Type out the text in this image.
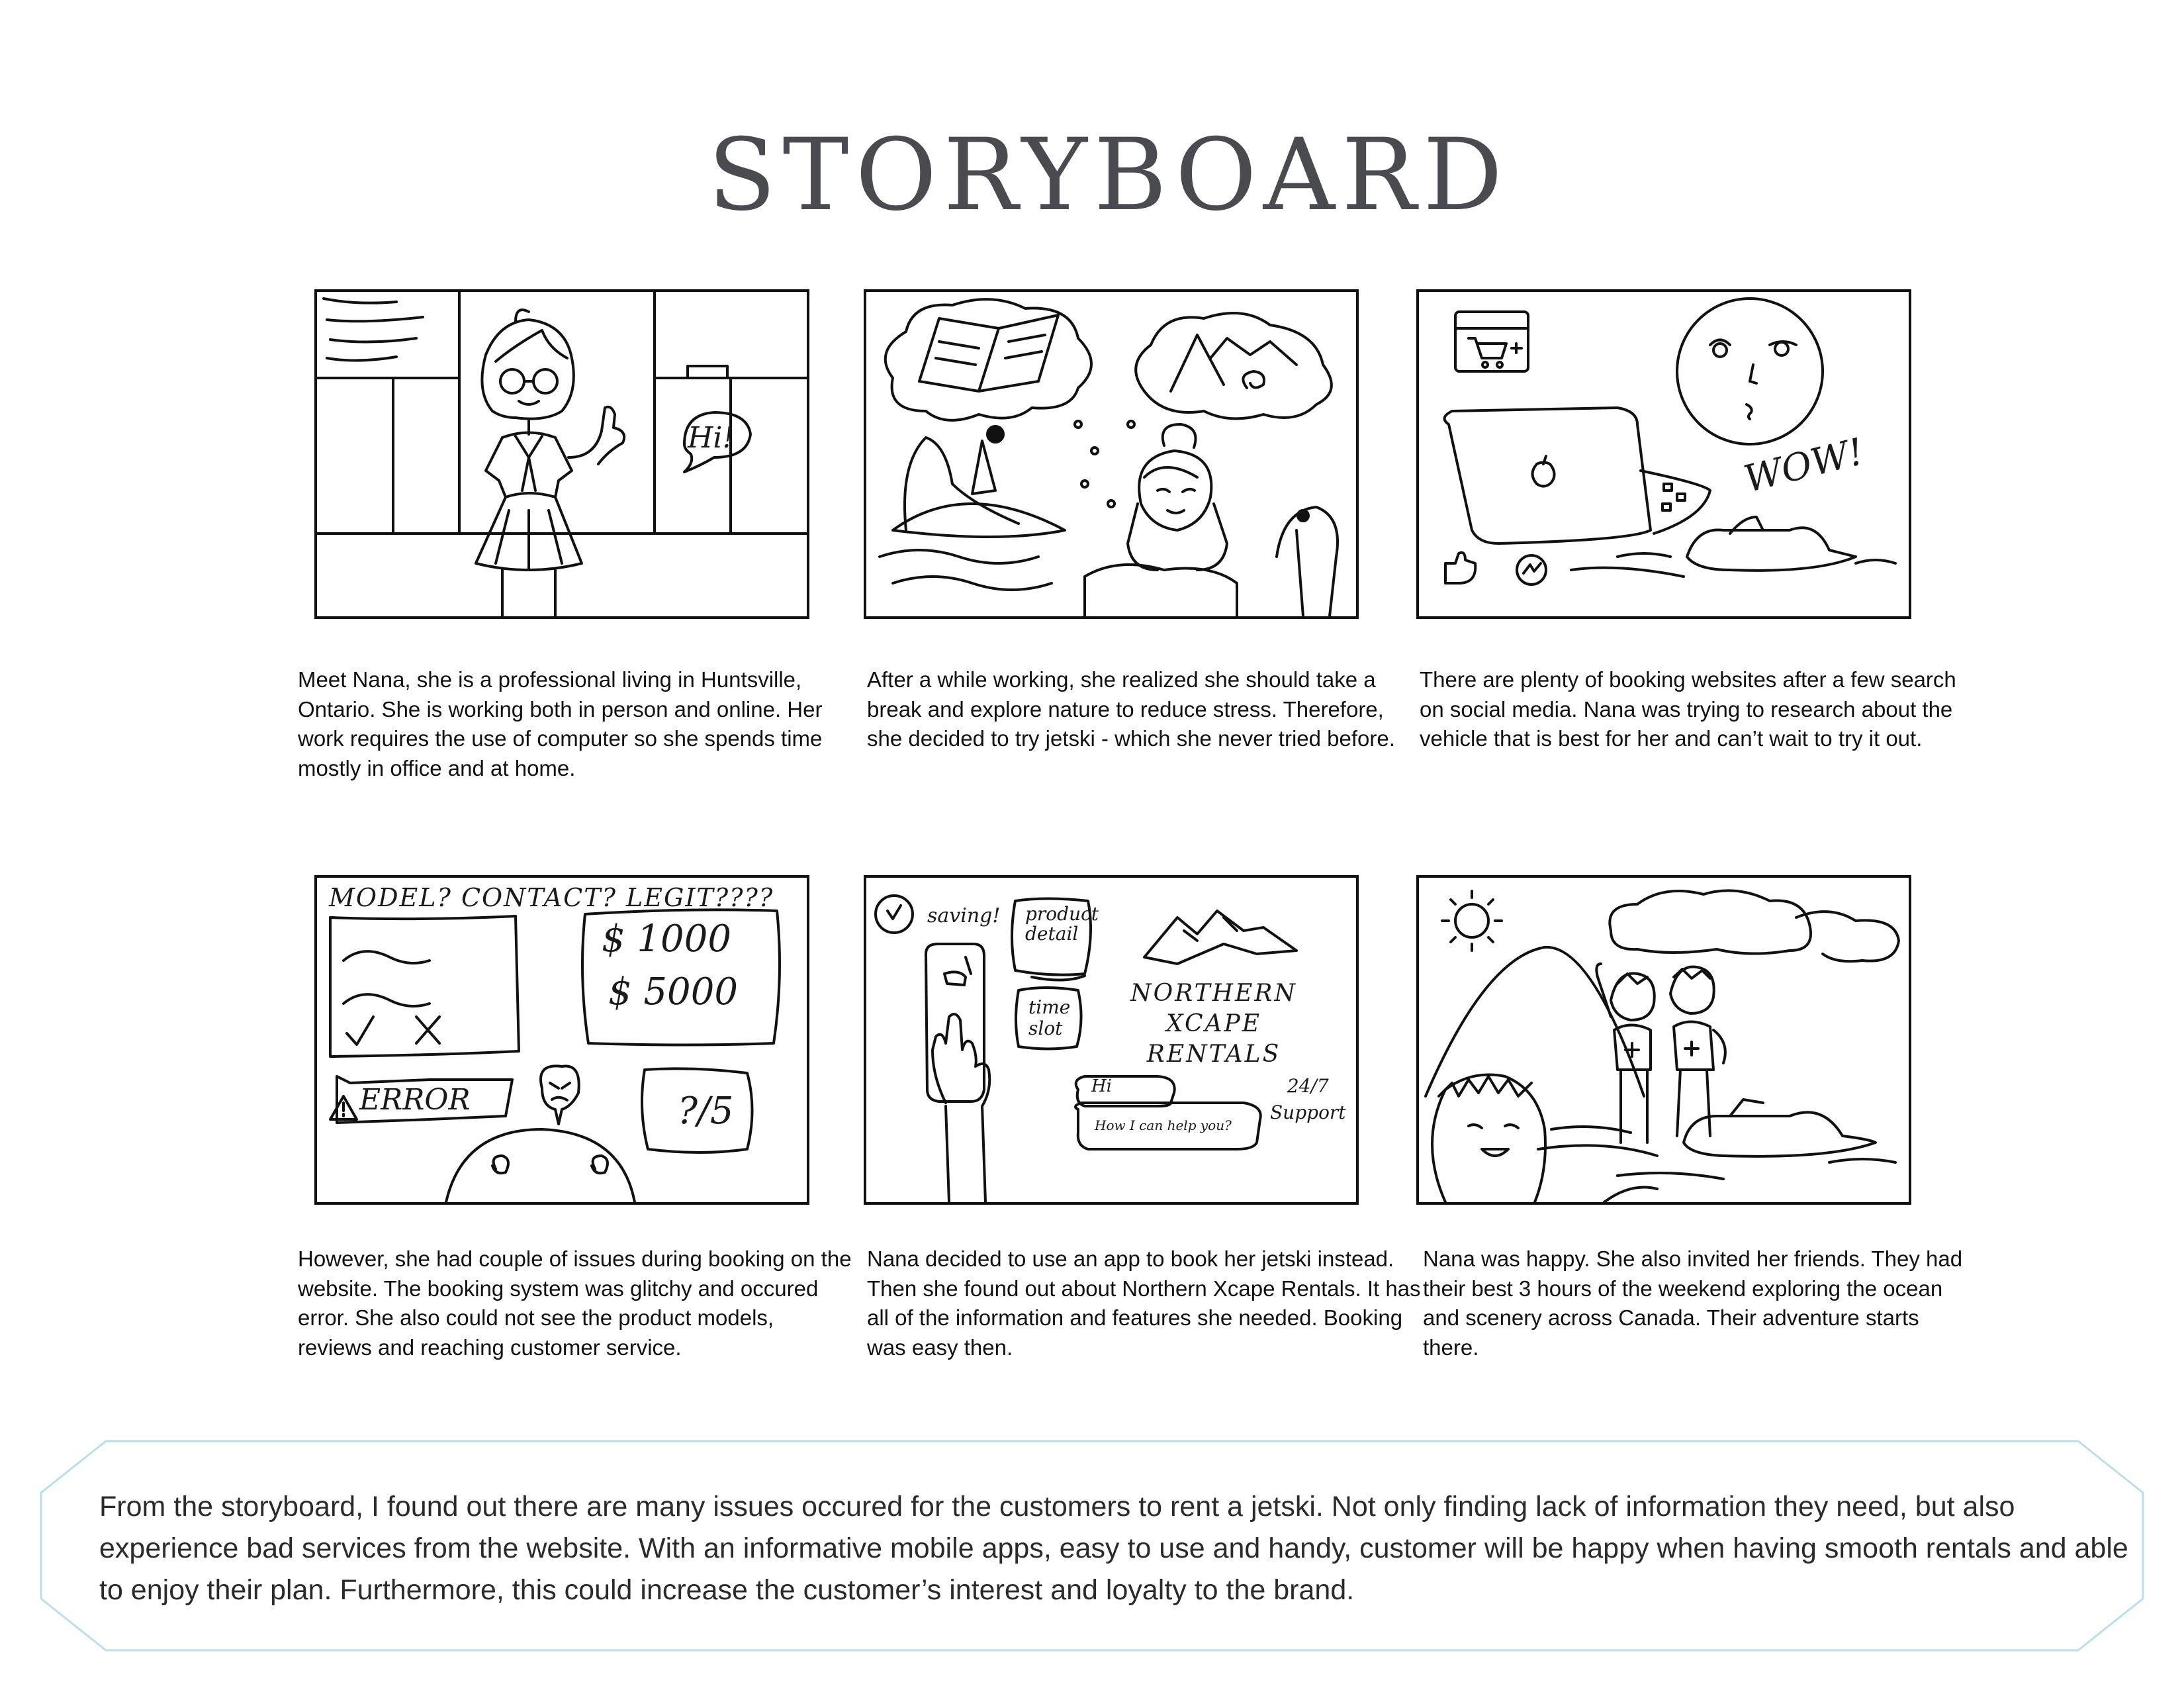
STORYBOARD
Hi!
Meet Nana, she is a professional living in Huntsville, Ontario. She is working both in person and online. Her work requires the use of computer so she spends time mostly in office and at home.
After a while working, she realized she should take a break and explore nature to reduce stress. Therefore, she decided to try jetski - which she never tried before.
WOW!
There are plenty of booking websites after a few search on social media. Nana was trying to research about the vehicle that is best for her and can’t wait to try it out.
MODEL? CONTACT? LEGIT????
$ 1000
$ 5000
ERROR	?/5
However, she had couple of issues during booking on the website. The booking system was glitchy and occured error. She also could not see the product models, reviews and reaching customer service.
saving! product
detail
time
slot
NORTHERN
XCAPE
RENTALS
Hi
How I can help you?
24/7
Support
Nana decided to use an app to book her jetski instead. Then she found out about Northern Xcape Rentals. It has all of the information and features she needed. Booking was easy then.
Nana was happy. She also invited her friends. They had their best 3 hours of the weekend exploring the ocean and scenery across Canada. Their adventure starts there.
From the storyboard, I found out there are many issues occured for the customers to rent a jetski. Not only finding lack of information they need, but also experience bad services from the website. With an informative mobile apps, easy to use and handy, customer will be happy when having smooth rentals and able to enjoy their plan. Furthermore, this could increase the customer’s interest and loyalty to the brand.
